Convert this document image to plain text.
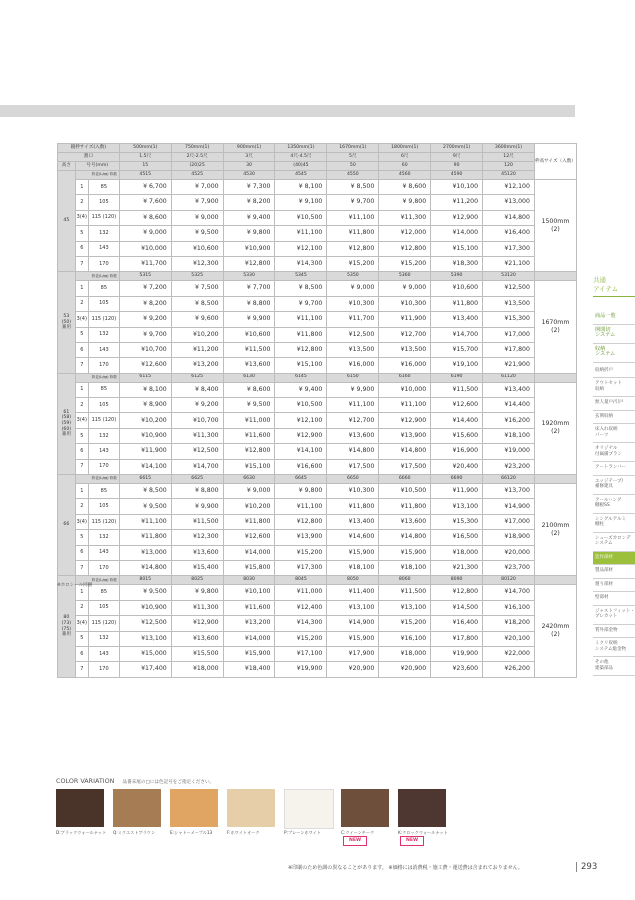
鏡枠サイズ(入数)			500mm(1)	750mm(1)	900mm(1)	1350mm(1)	1670mm(1)	1800mm(1)	2700mm(1)	3600mm(1)	枠高サイズ（入数）
割口			1.5尺	2尺-2.5尺	3尺	4尺-4.5尺	5尺	6尺	9尺	12尺	
高さ	号号(mm)		15	(20)25	30	(40)45	50	60	90	120	
45	枠並(L/㎜) 枠数		4515	4525	4530	4545	4550	4560	4590	45120	
	1	85	¥ 6,700	¥ 7,000	¥ 7,300	¥ 8,100	¥ 8,500	¥ 8,600	¥10,100	¥12,100	1500mm
(2)
	2	105	¥ 7,600	¥ 7,900	¥ 8,200	¥ 9,100	¥ 9,700	¥ 9,800	¥11,200	¥13,000	
	3(4)	115 (120)	¥ 8,600	¥ 9,000	¥ 9,400	¥10,500	¥11,100	¥11,300	¥12,900	¥14,800	
	5	132	¥ 9,000	¥ 9,500	¥ 9,800	¥11,100	¥11,800	¥12,000	¥14,000	¥16,400	
	6	143	¥10,000	¥10,600	¥10,900	¥12,100	¥12,800	¥12,800	¥15,100	¥17,300	
	7	170	¥11,700	¥12,300	¥12,800	¥14,300	¥15,200	¥15,200	¥18,300	¥21,100	
53
(50)
兼用	枠並(L/㎜) 枠数		5315	5325	5330	5345	5350	5360	5390	53120	
	1	85	¥ 7,200	¥ 7,500	¥ 7,700	¥ 8,500	¥ 9,000	¥ 9,000	¥10,600	¥12,500	1670mm
(2)
	2	105	¥ 8,200	¥ 8,500	¥ 8,800	¥ 9,700	¥10,300	¥10,300	¥11,800	¥13,500	
	3(4)	115 (120)	¥ 9,200	¥ 9,600	¥ 9,900	¥11,100	¥11,700	¥11,900	¥13,400	¥15,300	
	5	132	¥ 9,700	¥10,200	¥10,600	¥11,800	¥12,500	¥12,700	¥14,700	¥17,000	
	6	143	¥10,700	¥11,200	¥11,500	¥12,800	¥13,500	¥13,500	¥15,700	¥17,800	
	7	170	¥12,600	¥13,200	¥13,600	¥15,100	¥16,000	¥16,000	¥19,100	¥21,900	
61
(58)
(59)
(60)
兼用	枠並(L/㎜) 枠数		6115	6125	6130	6145	6150	6160	6190	61120	
	1	85	¥ 8,100	¥ 8,400	¥ 8,600	¥ 9,400	¥ 9,900	¥10,000	¥11,500	¥13,400	1920mm
(2)
	2	105	¥ 8,900	¥ 9,200	¥ 9,500	¥10,500	¥11,100	¥11,100	¥12,600	¥14,400	
	3(4)	115 (120)	¥10,200	¥10,700	¥11,000	¥12,100	¥12,700	¥12,900	¥14,400	¥16,200	
	5	132	¥10,900	¥11,300	¥11,600	¥12,900	¥13,600	¥13,900	¥15,600	¥18,100	
	6	143	¥11,900	¥12,500	¥12,800	¥14,100	¥14,800	¥14,800	¥16,900	¥19,000	
	7	170	¥14,100	¥14,700	¥15,100	¥16,600	¥17,500	¥17,500	¥20,400	¥23,200	
66	枠並(L/㎜) 枠数		6615	6625	6630	6645	6650	6660	6690	66120	
	1	85	¥ 8,500	¥ 8,800	¥ 9,000	¥ 9,800	¥10,300	¥10,500	¥11,900	¥13,700	2100mm
(2)
	2	105	¥ 9,500	¥ 9,900	¥10,200	¥11,100	¥11,800	¥11,800	¥13,100	¥14,900	
	3(4)	115 (120)	¥11,100	¥11,500	¥11,800	¥12,800	¥13,400	¥13,600	¥15,300	¥17,000	
	5	132	¥11,800	¥12,300	¥12,600	¥13,900	¥14,600	¥14,800	¥16,500	¥18,900	
	6	143	¥13,000	¥13,600	¥14,000	¥15,200	¥15,900	¥15,900	¥18,000	¥20,000	
	7	170	¥14,800	¥15,400	¥15,800	¥17,300	¥18,100	¥18,100	¥21,300	¥23,700	
80
(73)
(75)
兼用	枠並(L/㎜) 枠数		8015	8025	8030	8045	8050	8060	8090	80120	
	1	85	¥ 9,500	¥ 9,800	¥10,100	¥11,000	¥11,400	¥11,500	¥12,800	¥14,700	2420mm
(2)
	2	105	¥10,900	¥11,300	¥11,600	¥12,400	¥13,100	¥13,100	¥14,500	¥16,100	
	3(4)	115 (120)	¥12,500	¥12,900	¥13,200	¥14,300	¥14,900	¥15,200	¥16,400	¥18,200	
	5	132	¥13,100	¥13,600	¥14,000	¥15,200	¥15,900	¥16,100	¥17,800	¥20,100	
	6	143	¥15,000	¥15,500	¥15,900	¥17,100	¥17,900	¥18,000	¥19,900	¥22,000	
	7	170	¥17,400	¥18,000	¥18,400	¥19,900	¥20,900	¥20,900	¥23,600	¥26,200	
※ホロシール同梱
共通
アイテム
商品一覧
開閉切
システム
収納
システム
収納折戸
アウトセット
収納
無人量戸/引戸
玄関収納
床入れ収納
パーツ
オリジナル
付属備プラン
アートランバー
エッジテープ/
補修建具
アールハング
棚板SS
シングルアルミ
棚柱
シューズカロンデ
システム
造作部材
製品部材
廻り部材
壁部材
ジャストフィット・
プレカット
質外部金物
ミクリ収納
システム総金物
その他
建築部品
COLOR VARIATION 品番末尾の□には色記号をご指定ください。
D:ブラックウォールナット Q:ミクエストブラウン	E:シャトーメープル13	F:ホワイトオーク	P:プレーンホワイト	C:クイーンチーク
NEW
K:クロックウォールナット
NEW
※印刷のため色調の異なることがあります。 ※価格には消費税・施工費・運送費は含まれておりません。	293
